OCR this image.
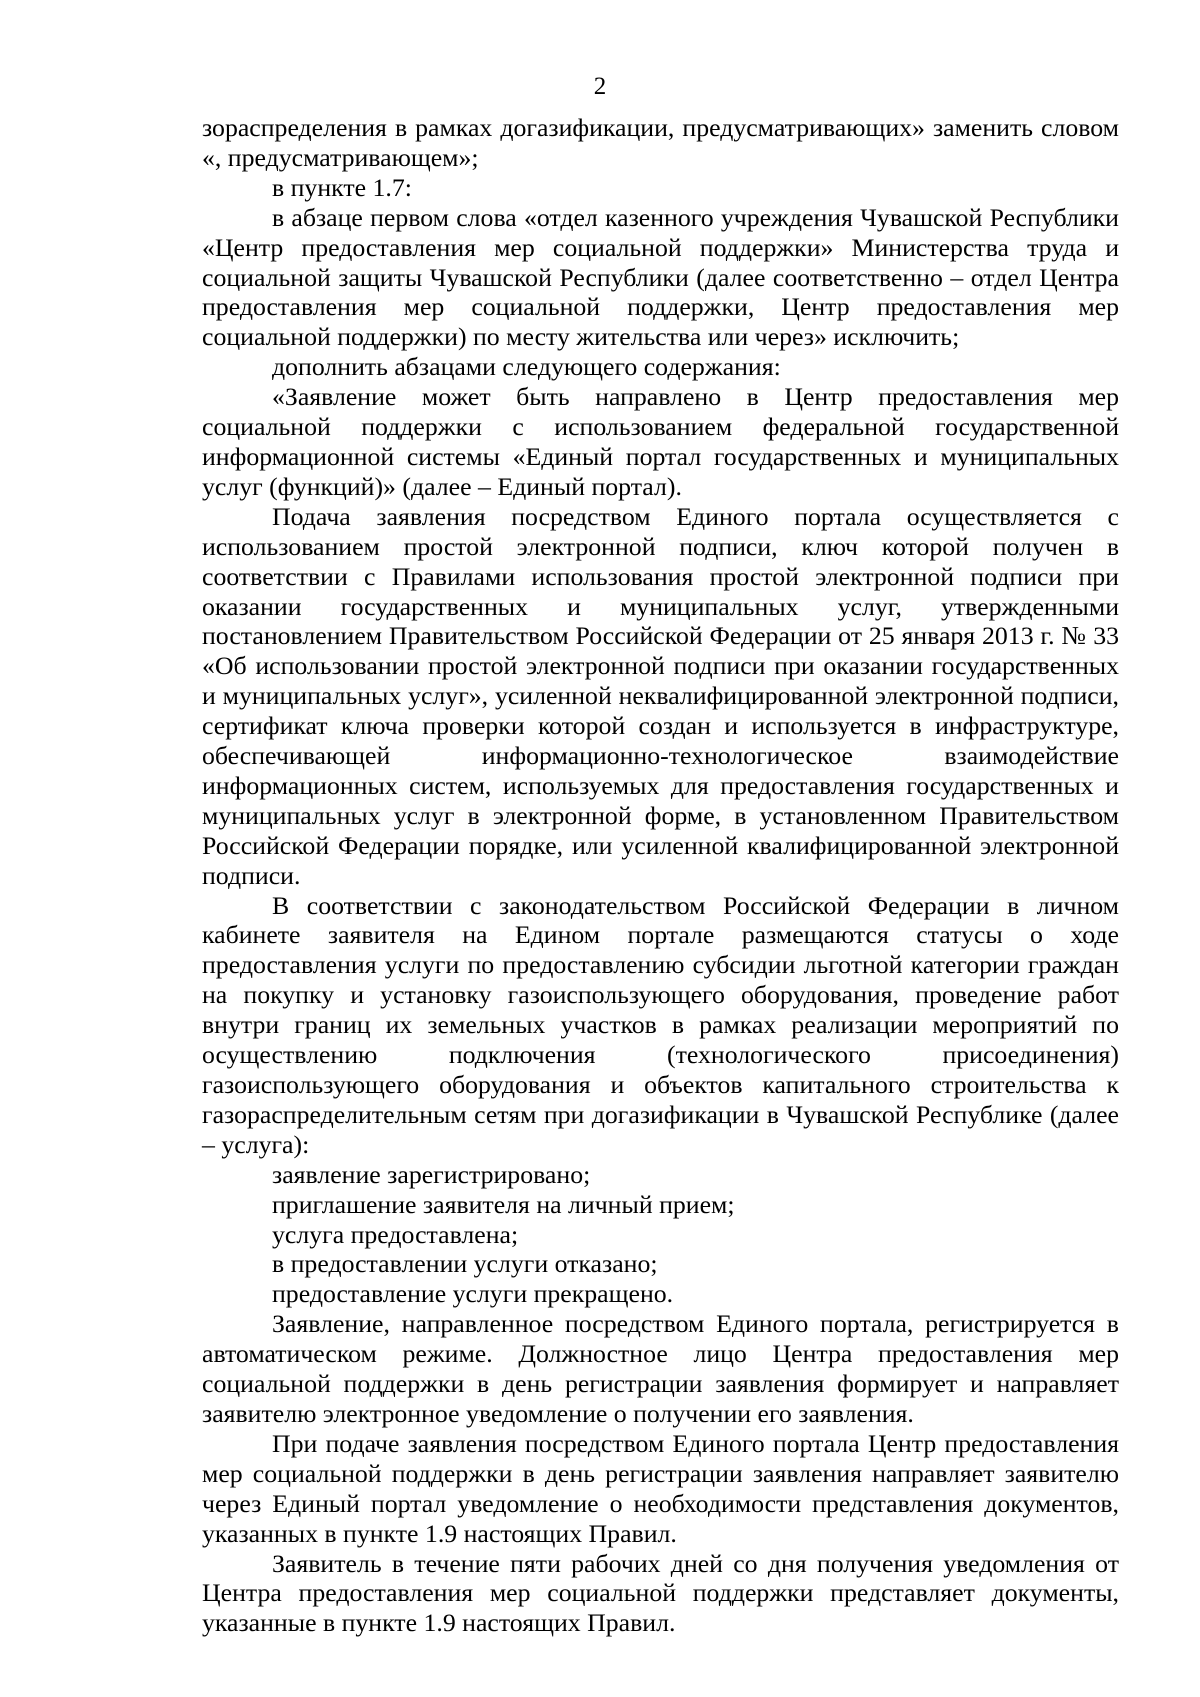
2

зораспределения в рамках догазификации, предусматривающих» заменить словом «, предусматривающем»;

в пункте 1.7:

в абзаце первом слова «отдел казенного учреждения Чувашской Республики «Центр предоставления мер социальной поддержки» Министерства труда и социальной защиты Чувашской Республики (далее соответственно – отдел Центра предоставления мер социальной поддержки, Центр предоставления мер социальной поддержки) по месту жительства или через» исключить;

дополнить абзацами следующего содержания:

«Заявление может быть направлено в Центр предоставления мер социальной поддержки с использованием федеральной государственной информационной системы «Единый портал государственных и муниципальных услуг (функций)» (далее – Единый портал).

Подача заявления посредством Единого портала осуществляется с использованием простой электронной подписи, ключ которой получен в соответствии с Правилами использования простой электронной подписи при оказании государственных и муниципальных услуг, утвержденными постановлением Правительством Российской Федерации от 25 января 2013 г. № 33 «Об использовании простой электронной подписи при оказании государственных и муниципальных услуг», усиленной неквалифицированной электронной подписи, сертификат ключа проверки которой создан и используется в инфраструктуре, обеспечивающей информационно-технологическое взаимодействие информационных систем, используемых для предоставления государственных и муниципальных услуг в электронной форме, в установленном Правительством Российской Федерации порядке, или усиленной квалифицированной электронной подписи.

В соответствии с законодательством Российской Федерации в личном кабинете заявителя на Едином портале размещаются статусы о ходе предоставления услуги по предоставлению субсидии льготной категории граждан на покупку и установку газоиспользующего оборудования, проведение работ внутри границ их земельных участков в рамках реализации мероприятий по осуществлению подключения (технологического присоединения) газоиспользующего оборудования и объектов капитального строительства к газораспределительным сетям при догазификации в Чувашской Республике (далее – услуга):

заявление зарегистрировано;

приглашение заявителя на личный прием;

услуга предоставлена;

в предоставлении услуги отказано;

предоставление услуги прекращено.

Заявление, направленное посредством Единого портала, регистрируется в автоматическом режиме. Должностное лицо Центра предоставления мер социальной поддержки в день регистрации заявления формирует и направляет заявителю электронное уведомление о получении его заявления.

При подаче заявления посредством Единого портала Центр предоставления мер социальной поддержки в день регистрации заявления направляет заявителю через Единый портал уведомление о необходимости представления документов, указанных в пункте 1.9 настоящих Правил.

Заявитель в течение пяти рабочих дней со дня получения уведомления от Центра предоставления мер социальной поддержки представляет документы, указанные в пункте 1.9 настоящих Правил.
